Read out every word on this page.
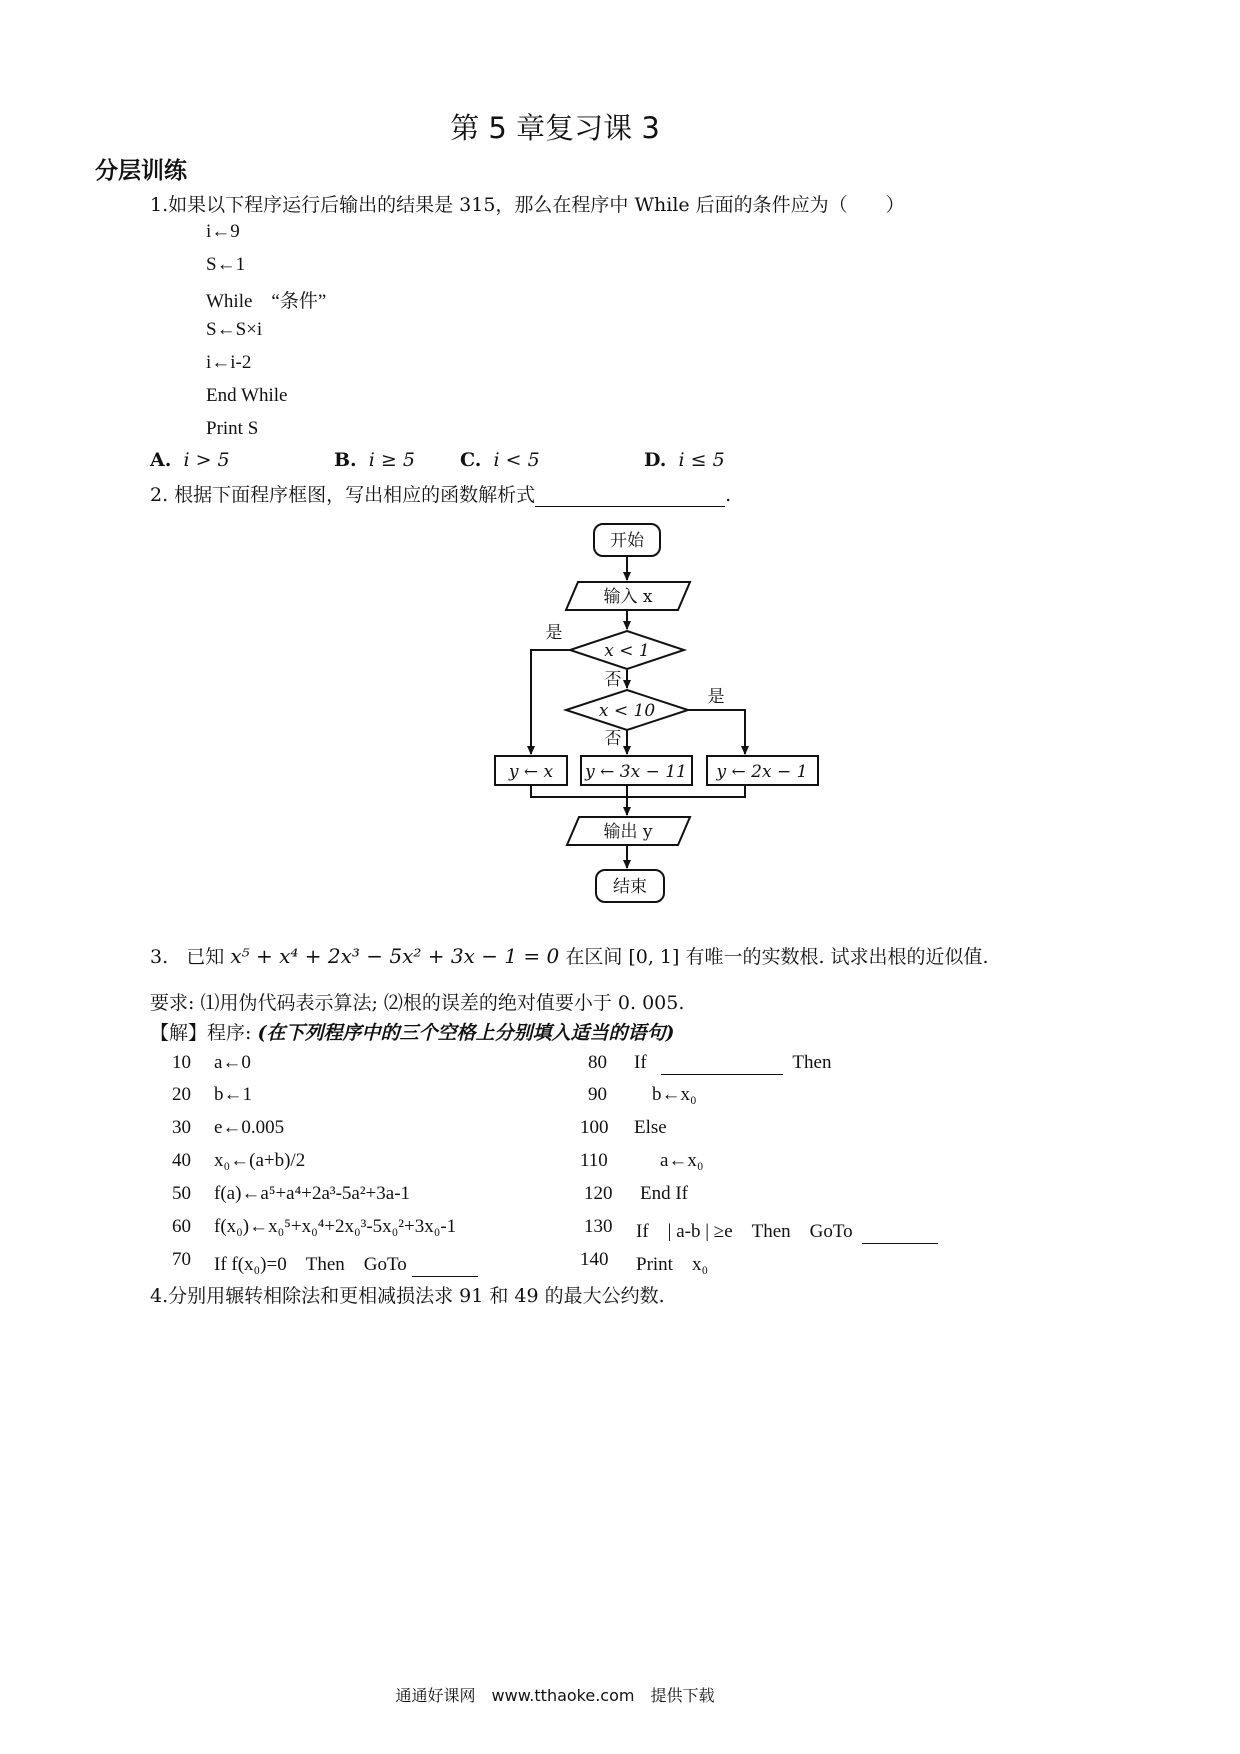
第 5 章复习课 3
分层训练
1.如果以下程序运行后输出的结果是 315，那么在程序中 While 后面的条件应为（　　）
i←9
S←1
While　“条件”
S←S×i
i←i-2
End While
Print S
A. i > 5	B. i ≥ 5 C. i < 5	D. i ≤ 5
2. 根据下面程序框图，写出相应的函数解析式	.
开始
输入 x
x < 1
x < 10
是
否
是
否
y ← x y ← 3x − 11 y ← 2x − 1
输出 y
结束
3. 已知 x⁵ + x⁴ + 2x³ − 5x² + 3x − 1 = 0 在区间 [0, 1] 有唯一的实数根. 试求出根的近似值.
要求: ⑴用伪代码表示算法; ⑵根的误差的绝对值要小于 0. 005.
【解】程序: (在下列程序中的三个空格上分别填入适当的语句)
10 a←0
20 b←1
30 e←0.005
40 x₀←(a+b)/2
50 f(a)←a⁵+a⁴+2a³-5a²+3a-1
60 f(x₀)←x₀⁵+x₀⁴+2x₀³-5x₀²+3x₀-1
70 If f(x₀)=0　Then　GoTo
80 If	Then
90 b←x₀
100 Else
110	a←x₀
120 End If
130 If　| a-b | ≥e　Then　GoTo
140 Print　x₀
4.分别用辗转相除法和更相减损法求 91 和 49 的最大公约数.
通通好课网　www.tthaoke.com　提供下载
